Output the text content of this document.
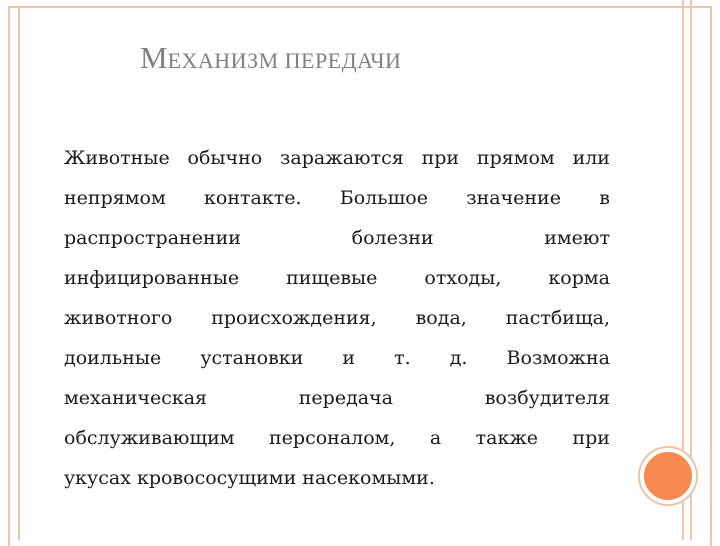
МЕХАНИЗМ ПЕРЕДАЧИ
Животные обычно заражаются при прямом или
непрямом контакте. Большое значение в
распространении	болезни	имеют
инфицированные пищевые отходы, корма
животного происхождения, вода, пастбища,
доильные установки и т. д. Возможна
механическая	передача	возбудителя
обслуживающим персоналом, а также при
укусах кровососущими насекомыми.
